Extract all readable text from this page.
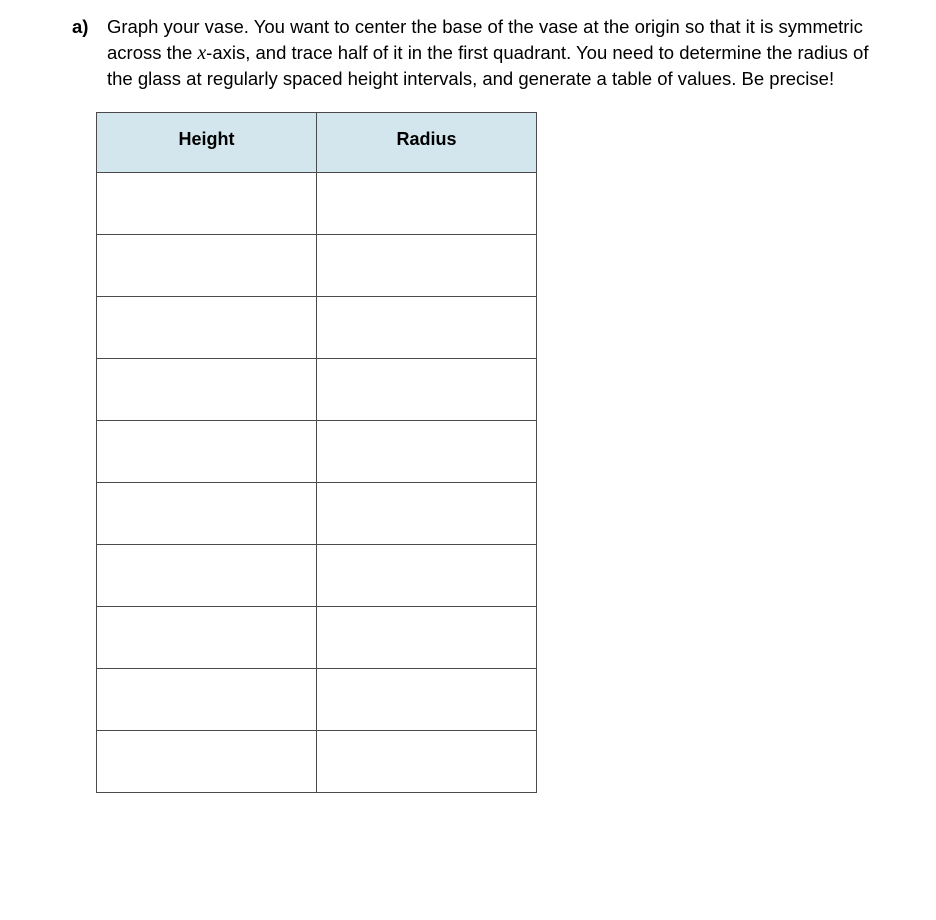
a) Graph your vase. You want to center the base of the vase at the origin so that it is symmetric
across the x-axis, and trace half of it in the first quadrant. You need to determine the radius of
the glass at regularly spaced height intervals, and generate a table of values. Be precise!
Height	Radius
